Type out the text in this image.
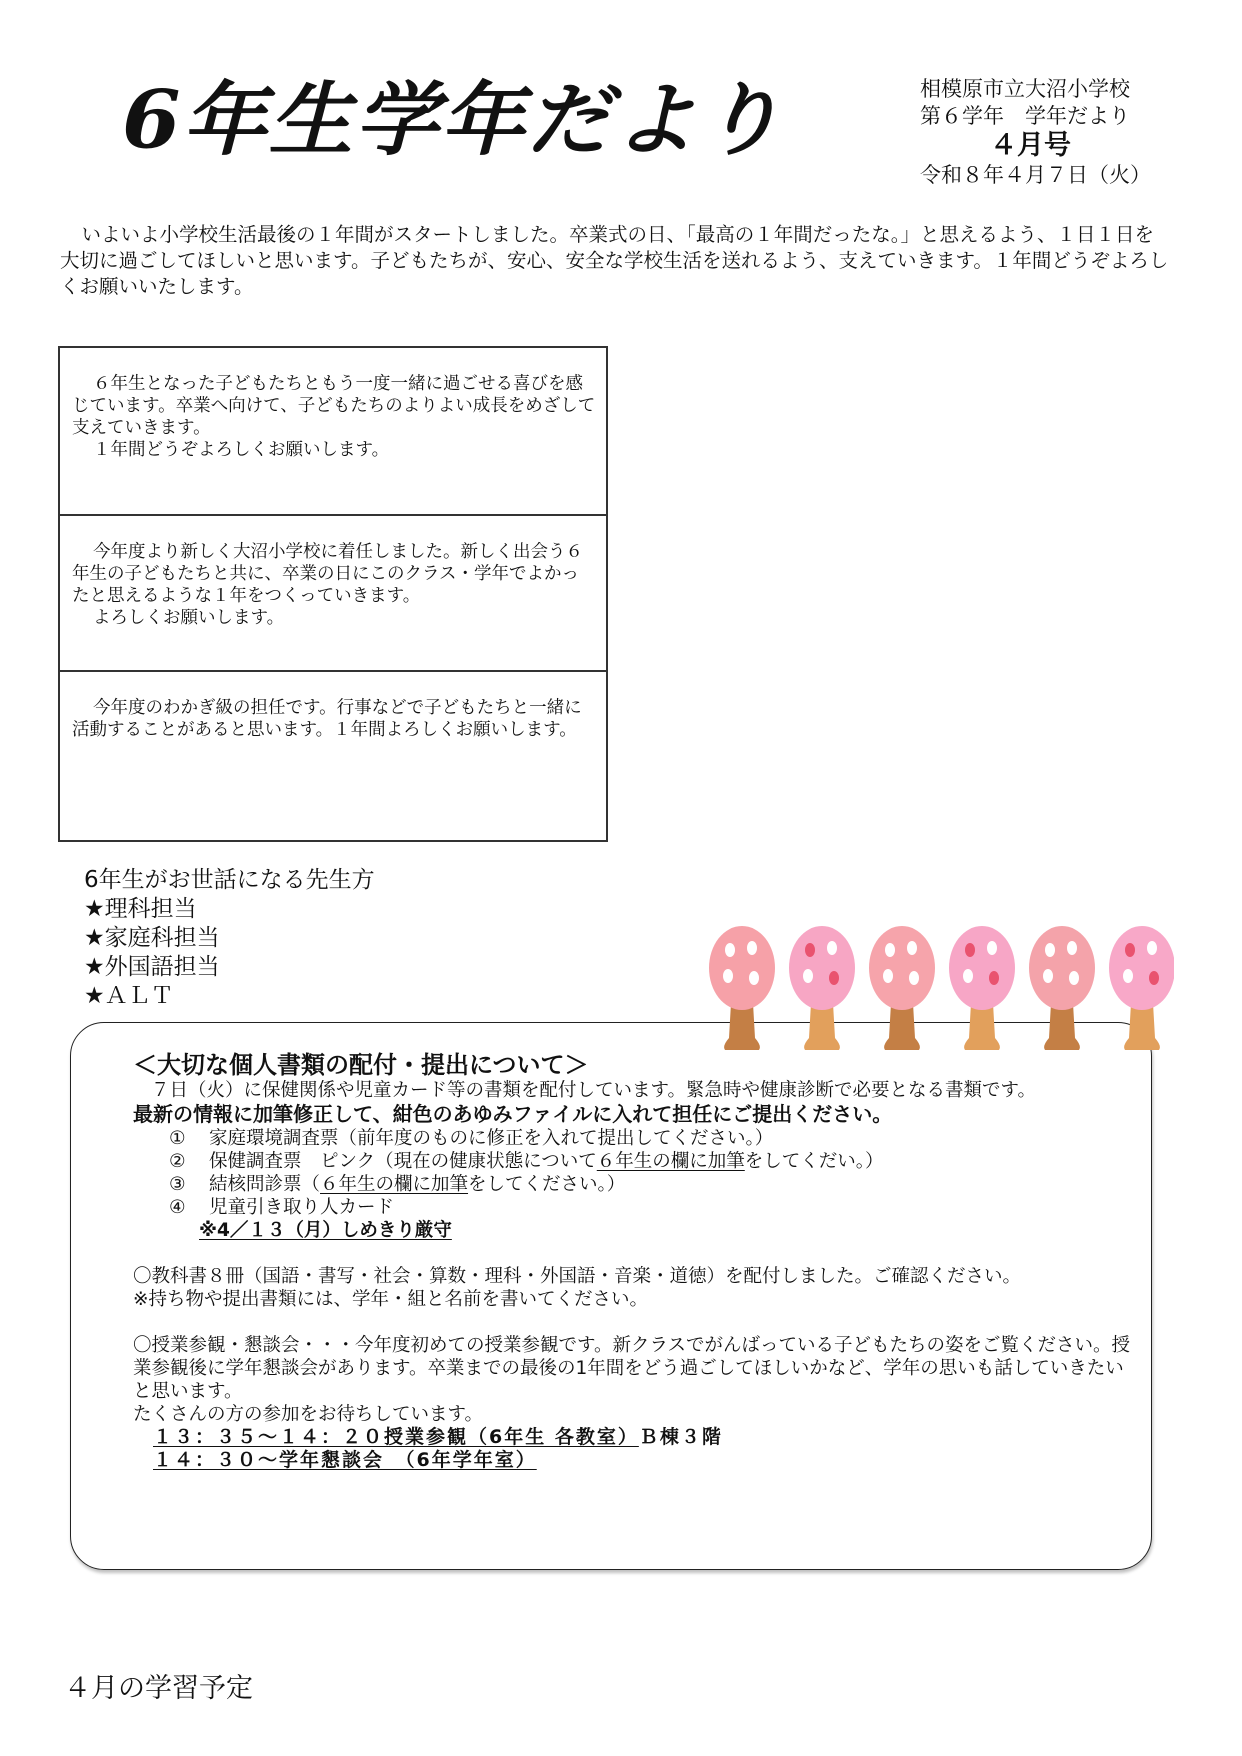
6年生学年だより	相模原市立大沼小学校
第６学年　学年だより
４月号
令和８年４月７日（火）
いよいよ小学校生活最後の１年間がスタートしました。卒業式の日、「最高の１年間だったな。」と思えるよう、１日１日を大切に過ごしてほしいと思います。子どもたちが、安心、安全な学校生活を送れるよう、支えていきます。１年間どうぞよろしくお願いいたします。

６年生となった子どもたちともう一度一緒に過ごせる喜びを感じています。卒業へ向けて、子どもたちのよりよい成長をめざして支えていきます。

１年間どうぞよろしくお願いします。

今年度より新しく大沼小学校に着任しました。新しく出会う６年生の子どもたちと共に、卒業の日にこのクラス・学年でよかったと思えるような１年をつくっていきます。

よろしくお願いします。

今年度のわかぎ級の担任です。行事などで子どもたちと一緒に活動することがあると思います。１年間よろしくお願いします。

6年生がお世話になる先生方
★理科担当
★家庭科担当
★外国語担当
★ＡＬＴ
＜大切な個人書類の配付・提出について＞
７日（火）に保健関係や児童カード等の書類を配付しています。緊急時や健康診断で必要となる書類です。
最新の情報に加筆修正して、紺色のあゆみファイルに入れて担任にご提出ください。
① 家庭環境調査票（前年度のものに修正を入れて提出してください。）
② 保健調査票　ピンク（現在の健康状態について６年生の欄に加筆をしてくだい。）
③ 結核問診票（６年生の欄に加筆をしてください。）
④ 児童引き取り人カード
※4／１３（月）しめきり厳守
〇教科書８冊（国語・書写・社会・算数・理科・外国語・音楽・道徳）を配付しました。ご確認ください。
※持ち物や提出書類には、学年・組と名前を書いてください。
〇授業参観・懇談会・・・今年度初めての授業参観です。新クラスでがんばっている子どもたちの姿をご覧ください。授業参観後に学年懇談会があります。卒業までの最後の1年間をどう過ごしてほしいかなど、学年の思いも話していきたいと思います。
たくさんの方の参加をお待ちしています。
１３：３５～１４：２０授業参観（6年生 各教室）Ｂ棟３階
１４：３０～学年懇談会　（6年学年室）
４月の学習予定
